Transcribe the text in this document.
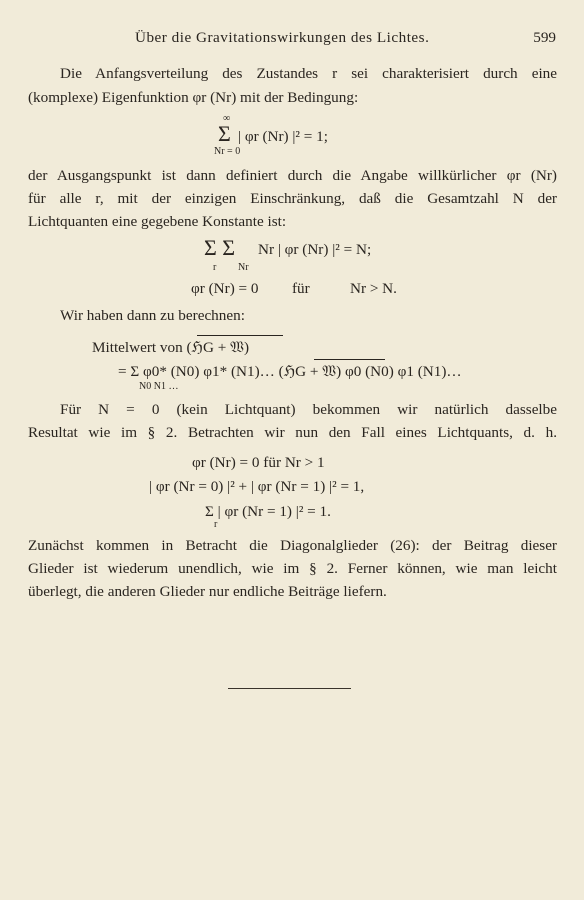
Über die Gravitationswirkungen des Lichtes.	599
Die Anfangsverteilung des Zustandes r sei charakterisiert durch eine
(komplexe) Eigenfunktion φr (Nr) mit der Bedingung:
∞
Σ | φr (Nr) |² = 1;
Nr = 0
der Ausgangspunkt ist dann definiert durch die Angabe willkürlicher φr (Nr)
für alle r, mit der einzigen Einschränkung, daß die Gesamtzahl N der
Lichtquanten eine gegebene Konstante ist:
Σ Σ Nr | φr (Nr) |² = N;
r Nr
φr (Nr) = 0 für	Nr > N.
Wir haben dann zu berechnen:
Mittelwert von (ℌG + 𝔚)
= Σ φ0* (N0) φ1* (N1)… (ℌG + 𝔚) φ0 (N0) φ1 (N1)…
N0 N1 …
Für N = 0 (kein Lichtquant) bekommen wir natürlich dasselbe
Resultat wie im § 2. Betrachten wir nun den Fall eines Lichtquants, d. h.
φr (Nr) = 0 für Nr > 1
| φr (Nr = 0) |² + | φr (Nr = 1) |² = 1,
Σ | φr (Nr = 1) |² = 1.
r
Zunächst kommen in Betracht die Diagonalglieder (26): der Beitrag dieser
Glieder ist wiederum unendlich, wie im § 2. Ferner können, wie man leicht
überlegt, die anderen Glieder nur endliche Beiträge liefern.
